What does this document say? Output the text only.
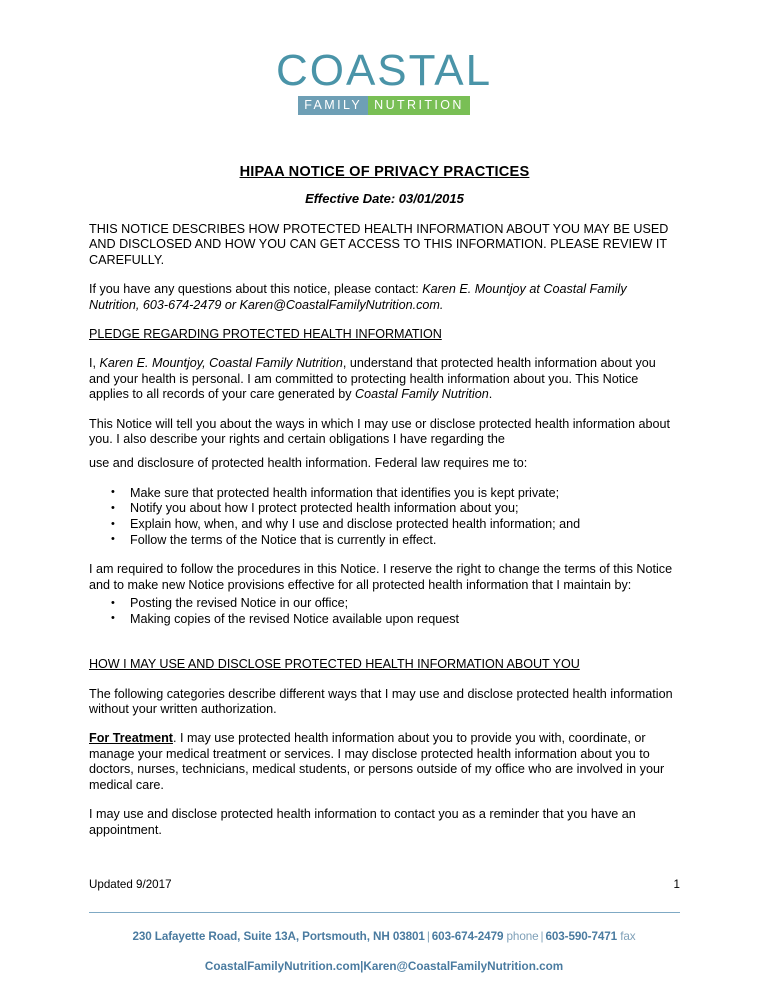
COASTAL
FAMILY NUTRITION
HIPAA NOTICE OF PRIVACY PRACTICES
Effective Date: 03/01/2015

THIS NOTICE DESCRIBES HOW PROTECTED HEALTH INFORMATION ABOUT YOU MAY BE USED AND DISCLOSED AND HOW YOU CAN GET ACCESS TO THIS INFORMATION. PLEASE REVIEW IT CAREFULLY.

If you have any questions about this notice, please contact: Karen E. Mountjoy at Coastal Family Nutrition, 603-674-2479 or Karen@CoastalFamilyNutrition.com.

PLEDGE REGARDING PROTECTED HEALTH INFORMATION

I, Karen E. Mountjoy, Coastal Family Nutrition, understand that protected health information about you and your health is personal. I am committed to protecting health information about you. This Notice applies to all records of your care generated by Coastal Family Nutrition.

This Notice will tell you about the ways in which I may use or disclose protected health information about you. I also describe your rights and certain obligations I have regarding the

use and disclosure of protected health information. Federal law requires me to:

• Make sure that protected health information that identifies you is kept private;
• Notify you about how I protect protected health information about you;
• Explain how, when, and why I use and disclose protected health information; and
• Follow the terms of the Notice that is currently in effect.

I am required to follow the procedures in this Notice. I reserve the right to change the terms of this Notice and to make new Notice provisions effective for all protected health information that I maintain by:

• Posting the revised Notice in our office;
• Making copies of the revised Notice available upon request
HOW I MAY USE AND DISCLOSE PROTECTED HEALTH INFORMATION ABOUT YOU

The following categories describe different ways that I may use and disclose protected health information without your written authorization.

For Treatment. I may use protected health information about you to provide you with, coordinate, or manage your medical treatment or services. I may disclose protected health information about you to doctors, nurses, technicians, medical students, or persons outside of my office who are involved in your medical care.

I may use and disclose protected health information to contact you as a reminder that you have an appointment.

Updated 9/2017	1
230 Lafayette Road, Suite 13A, Portsmouth, NH 03801 | 603-674-2479 phone | 603-590-7471 fax
CoastalFamilyNutrition.com|Karen@CoastalFamilyNutrition.com
